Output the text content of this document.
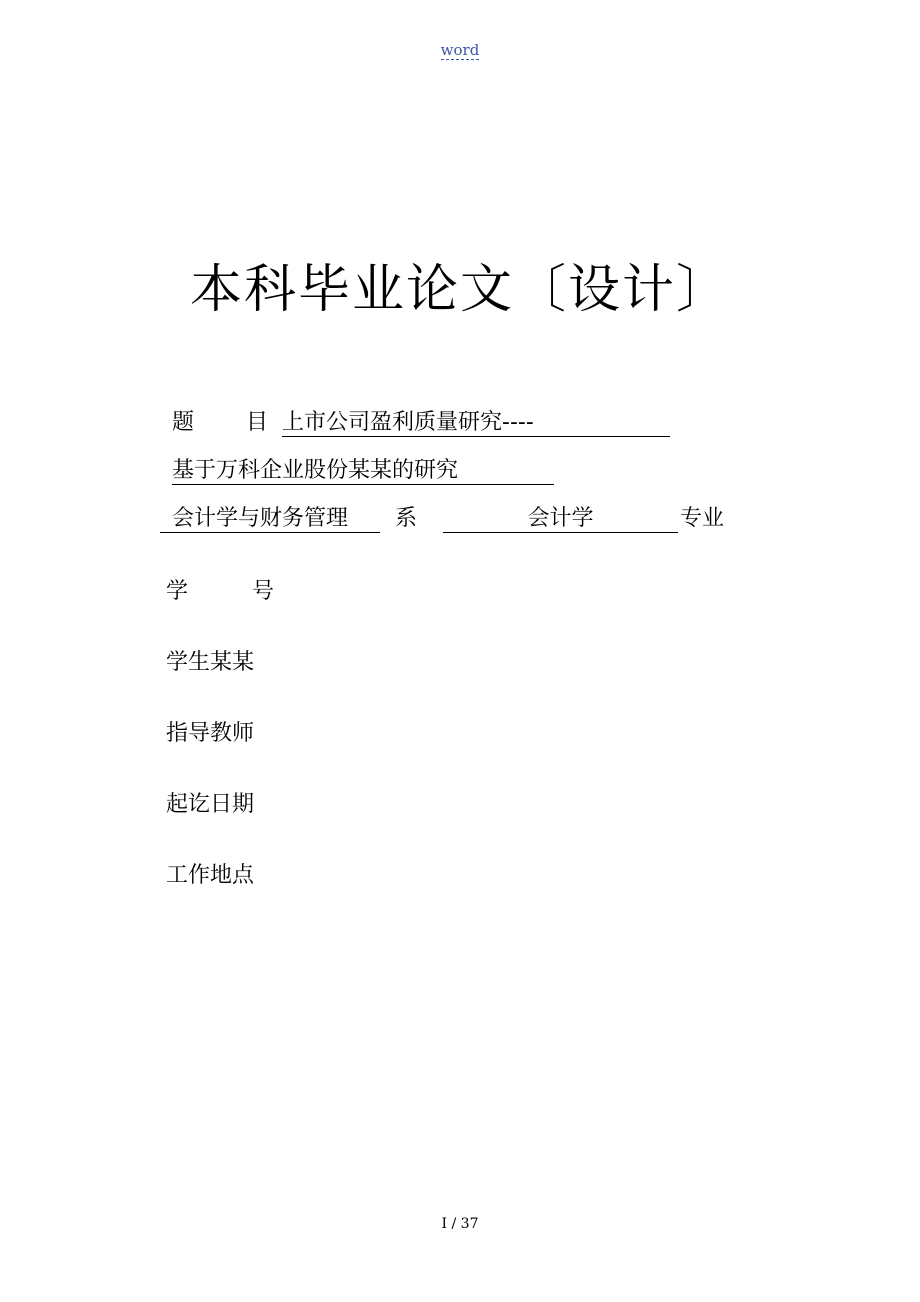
word
本科毕业论文〔设计〕
题 目 上市公司盈利质量研究----
基于万科企业股份某某的研究
会计学与财务管理	系	会计学	专业
学	号
学生某某
指导教师
起讫日期
工作地点
I / 37
